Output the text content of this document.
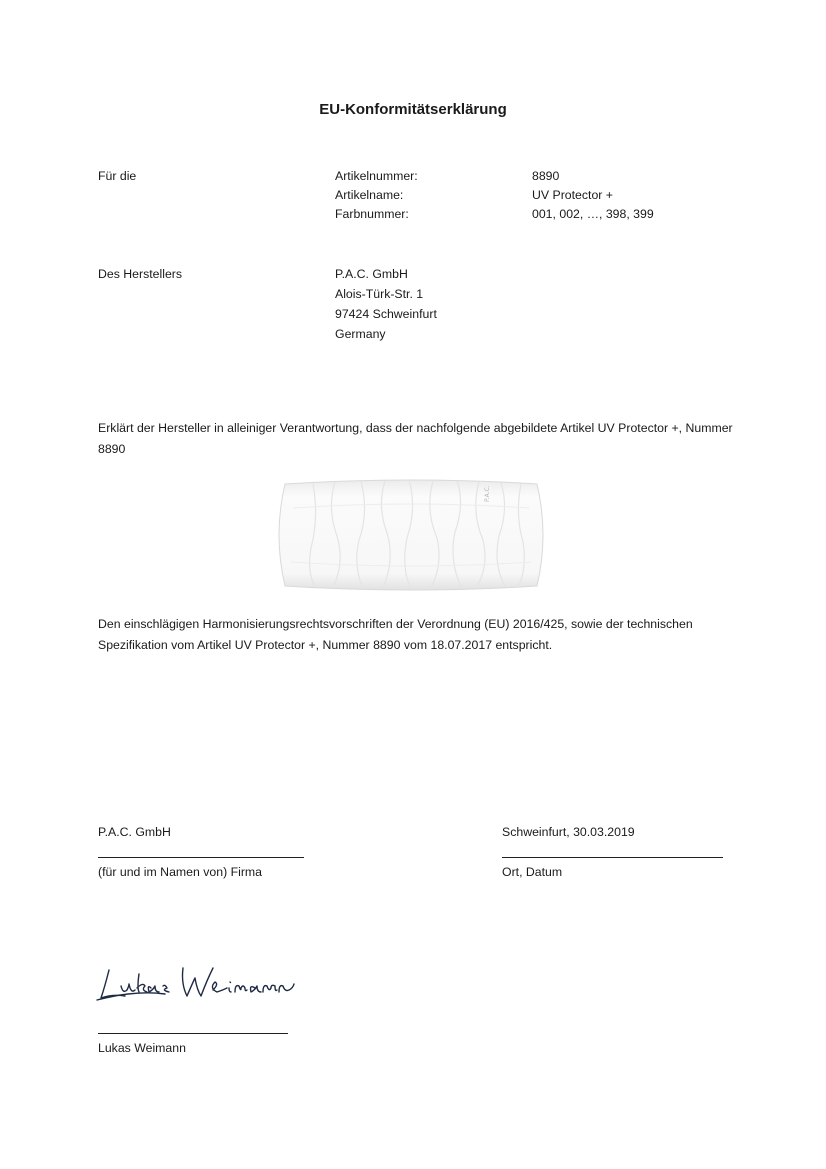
EU-Konformitätserklärung
Für die	Artikelnummer:	8890
Artikelname:	UV Protector +
Farbnummer:	001, 002, …, 398, 399
Des Herstellers	P.A.C. GmbH
Alois-Türk-Str. 1
97424 Schweinfurt
Germany
Erklärt der Hersteller in alleiniger Verantwortung, dass der nachfolgende abgebildete Artikel UV Protector +, Nummer 8890
P.A.C.
Den einschlägigen Harmonisierungsrechtsvorschriften der Verordnung (EU) 2016/425, sowie der technischen Spezifikation vom Artikel UV Protector +, Nummer 8890 vom 18.07.2017 entspricht.
P.A.C. GmbH
(für und im Namen von) Firma
Schweinfurt, 30.03.2019
Ort, Datum
Lukas Weimann
